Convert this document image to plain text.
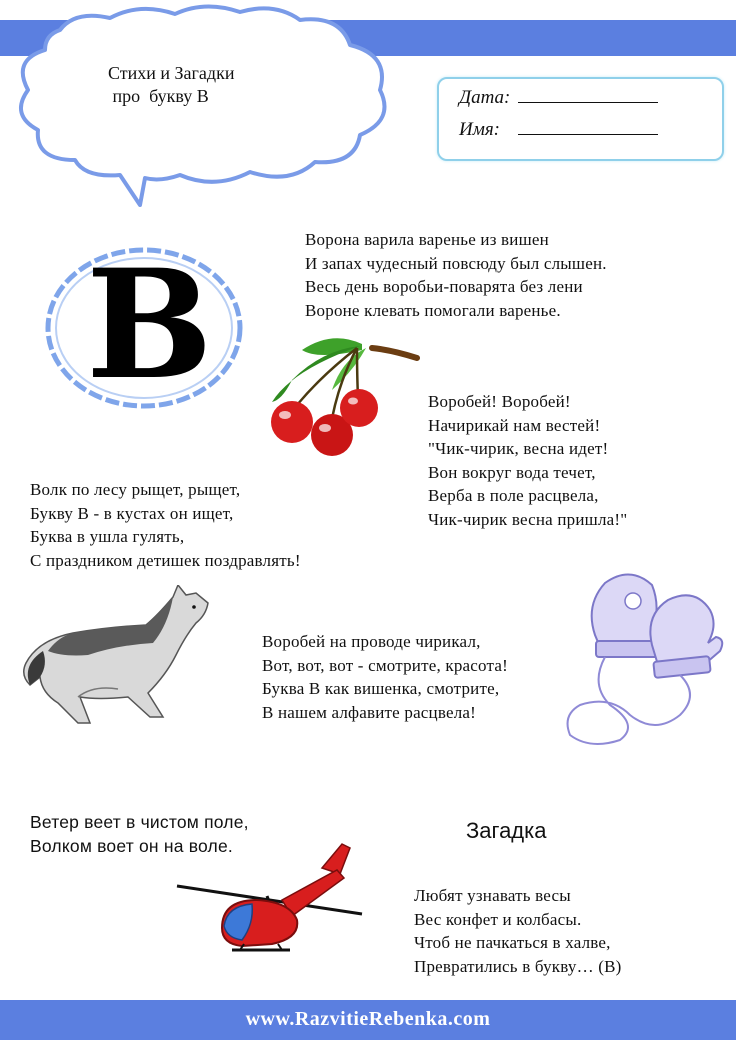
www.RazvitieRebenka.com
Стихи и Загадки
про  букву В	Дата:
Имя:
В	Ворона варила варенье из вишен
И запах чудесный повсюду был слышен.
Весь день воробьи-поварята без лени
Вороне клевать помогали варенье.
Воробей! Воробей!
Начирикай нам вестей!
"Чик-чирик, весна идет!
Вон вокруг вода течет,
Верба в поле расцвела,
Чик-чирик весна пришла!"
Волк по лесу рыщет, рыщет,
Букву В - в кустах он ищет,
Буква в ушла гулять,
С праздником детишек поздравлять!
Воробей на проводе чирикал,
Вот, вот, вот - смотрите, красота!
Буква В как вишенка, смотрите,
В нашем алфавите расцвела!
Ветер веет в чистом поле,
Волком воет он на воле.
Загадка
Любят узнавать весы
Вес конфет и колбасы.
Чтоб не пачкаться в халве,
Превратились в букву… (В)
